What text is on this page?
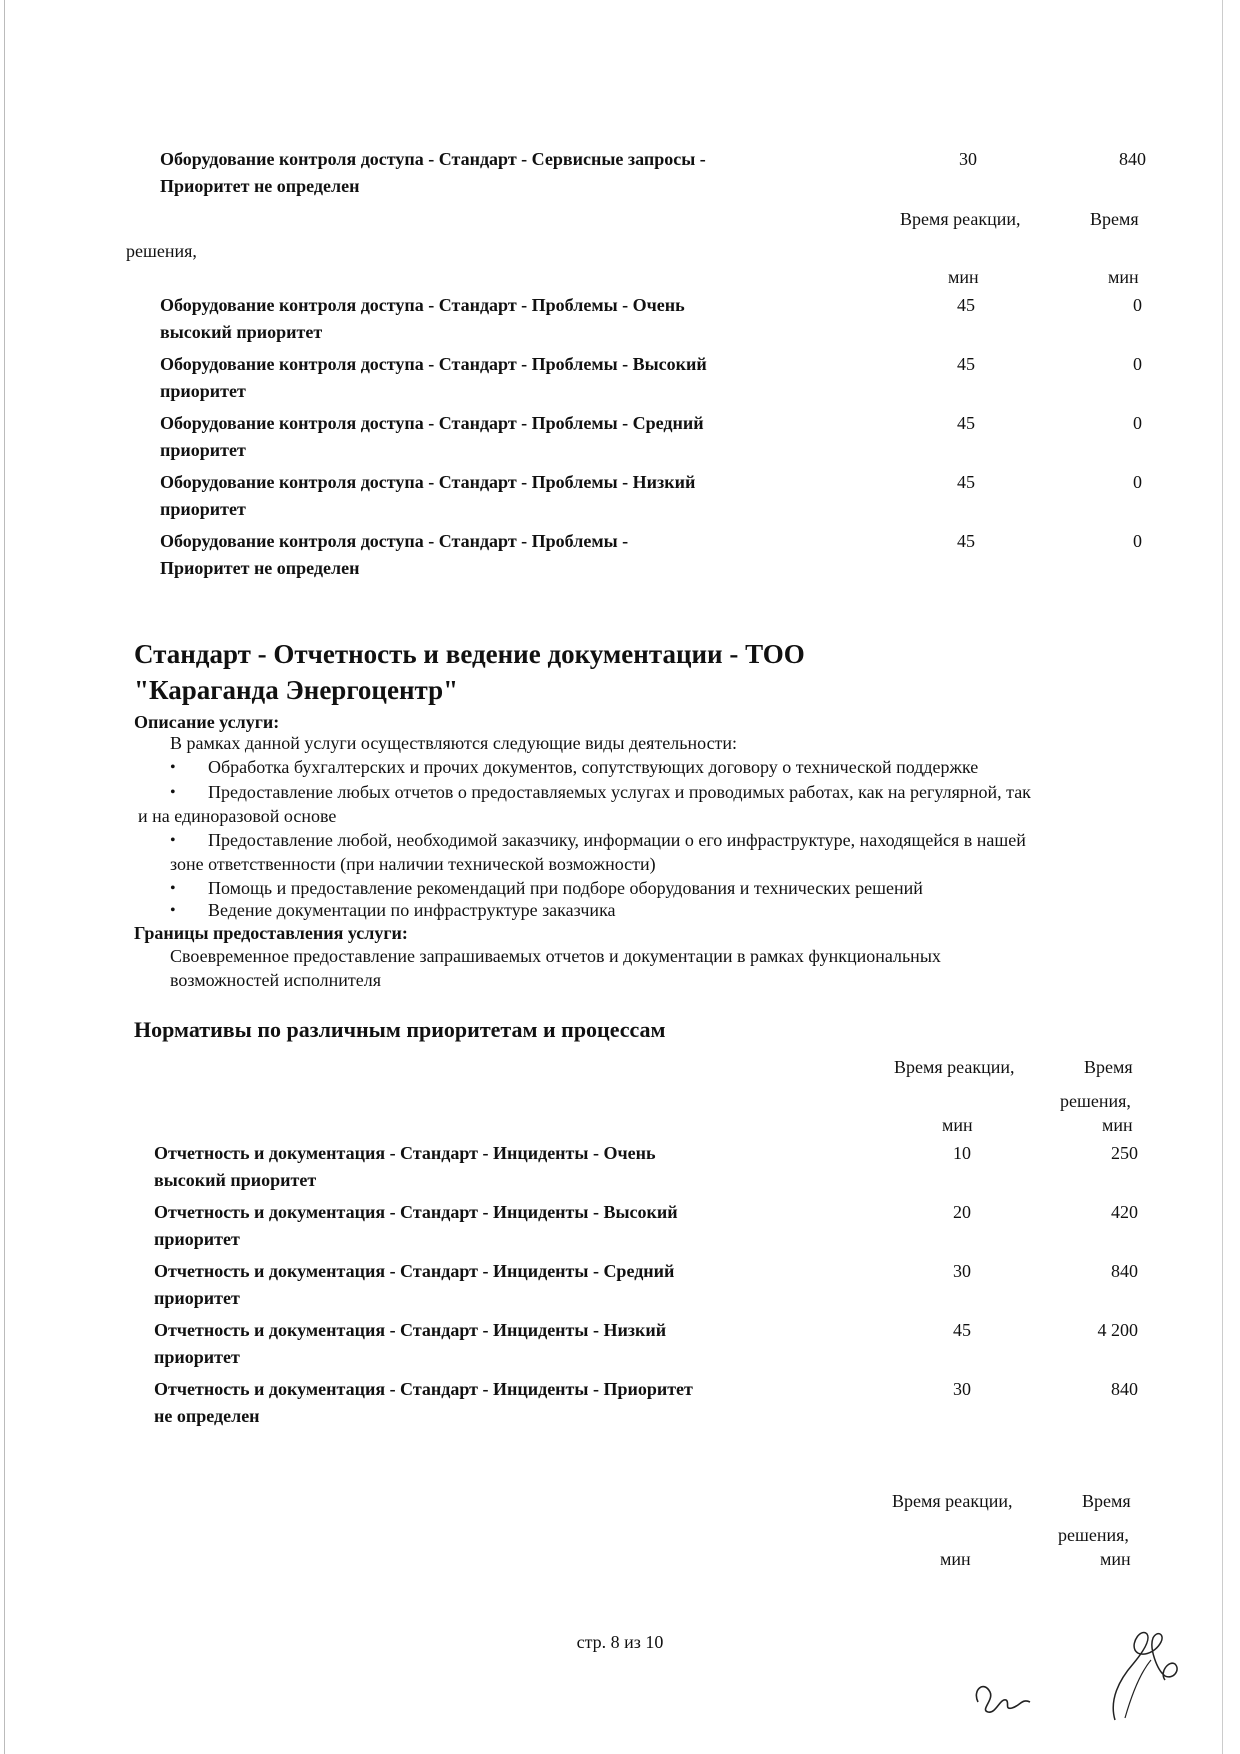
Оборудование контроля доступа - Стандарт - Сервисные запросы - Приоритет не определен
30	840
Время реакции,	Время
решения,
мин	мин
Оборудование контроля доступа - Стандарт - Проблемы - Очень высокий приоритет
45	0
Оборудование контроля доступа - Стандарт - Проблемы - Высокий приоритет
45	0
Оборудование контроля доступа - Стандарт - Проблемы - Средний приоритет
45	0
Оборудование контроля доступа - Стандарт - Проблемы - Низкий приоритет
45	0
Оборудование контроля доступа - Стандарт - Проблемы - Приоритет не определен
45	0
Стандарт - Отчетность и ведение документации - ТОО
"Караганда Энергоцентр"
Описание услуги:
В рамках данной услуги осуществляются следующие виды деятельности:
• Обработка бухгалтерских и прочих документов, сопутствующих договору о технической поддержке
• Предоставление любых отчетов о предоставляемых услугах и проводимых работах, как на регулярной, так
и на единоразовой основе
• Предоставление любой, необходимой заказчику, информации о его инфраструктуре, находящейся в нашей
зоне ответственности (при наличии технической возможности)
• Помощь и предоставление рекомендаций при подборе оборудования и технических решений
• Ведение документации по инфраструктуре заказчика
Границы предоставления услуги:
Своевременное предоставление запрашиваемых отчетов и документации в рамках функциональных
возможностей исполнителя
Нормативы по различным приоритетам и процессам
Время реакции,	Время
решения,
мин	мин
Отчетность и документация - Стандарт - Инциденты - Очень высокий приоритет
10	250
Отчетность и документация - Стандарт - Инциденты - Высокий приоритет
20	420
Отчетность и документация - Стандарт - Инциденты - Средний приоритет
30	840
Отчетность и документация - Стандарт - Инциденты - Низкий приоритет
45	4 200
Отчетность и документация - Стандарт - Инциденты - Приоритет не определен
30	840
Время реакции,	Время
решения,
мин	мин
стр. 8 из 10
